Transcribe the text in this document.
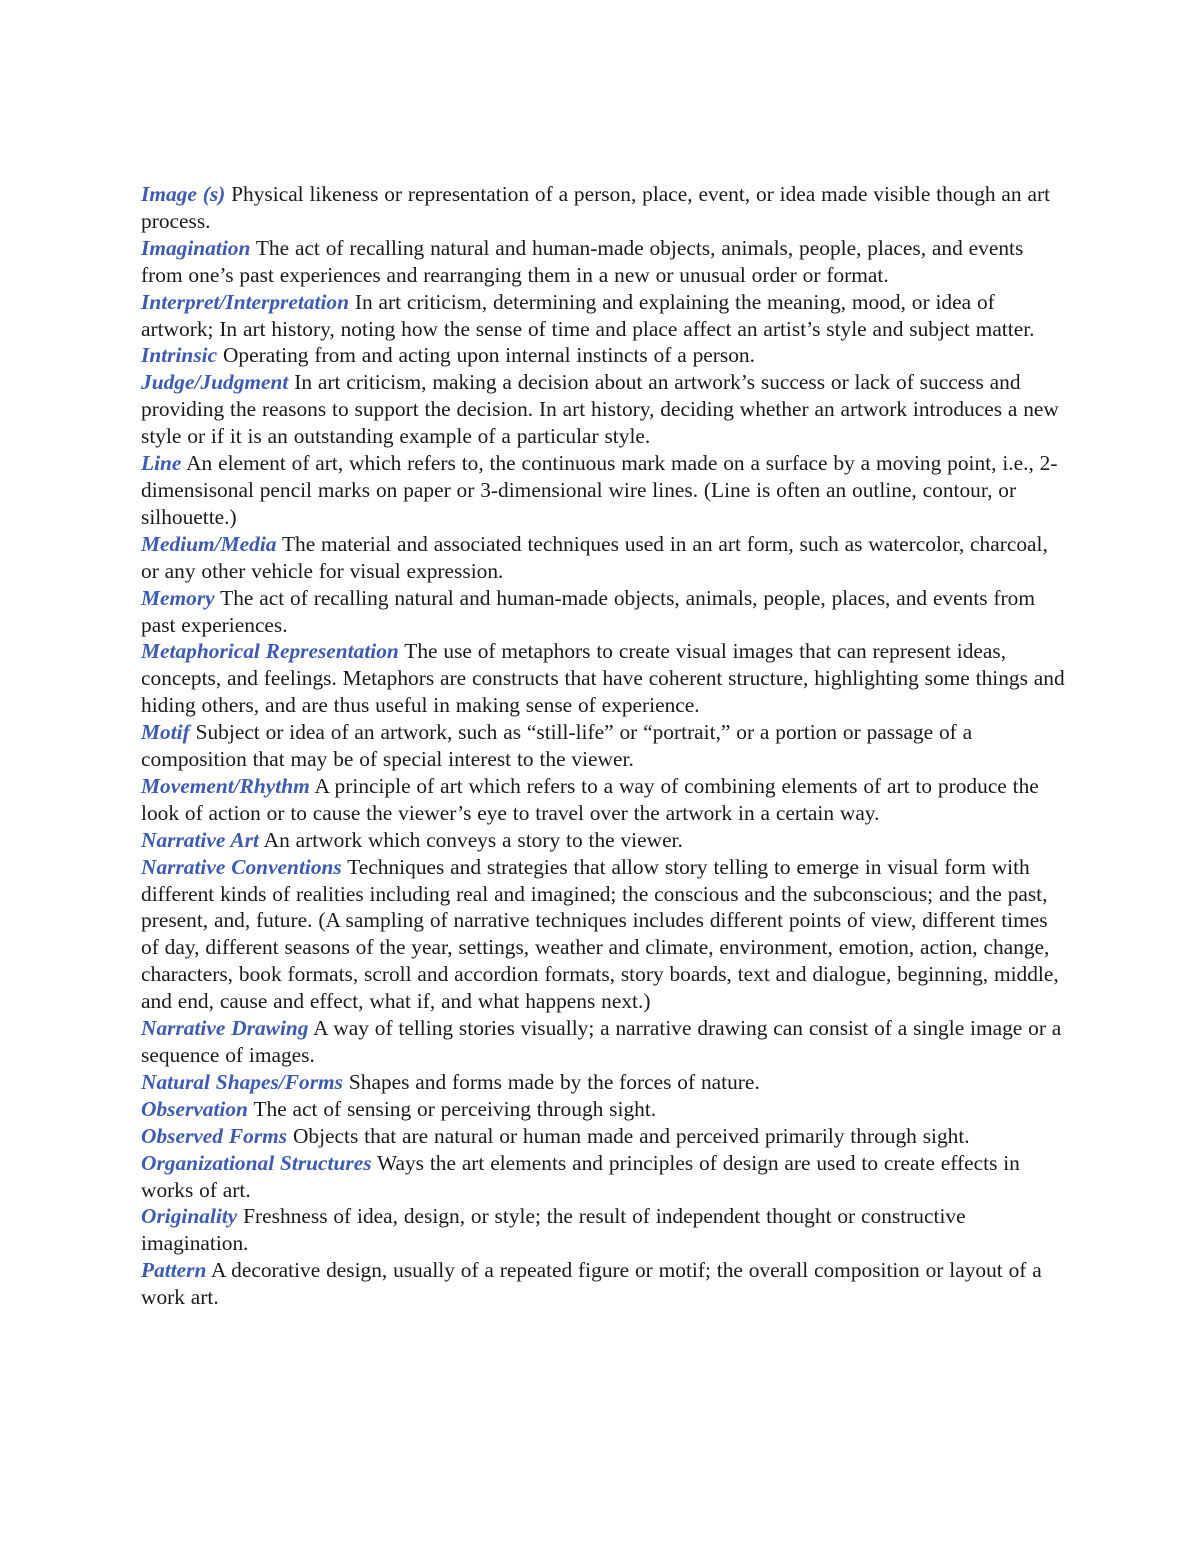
Image (s) Physical likeness or representation of a person, place, event, or idea made visible though an art process.

Imagination The act of recalling natural and human-made objects, animals, people, places, and events from one’s past experiences and rearranging them in a new or unusual order or format.

Interpret/Interpretation In art criticism, determining and explaining the meaning, mood, or idea of artwork; In art history, noting how the sense of time and place affect an artist’s style and subject matter.

Intrinsic Operating from and acting upon internal instincts of a person.

Judge/Judgment In art criticism, making a decision about an artwork’s success or lack of success and providing the reasons to support the decision. In art history, deciding whether an artwork introduces a new style or if it is an outstanding example of a particular style.

Line An element of art, which refers to, the continuous mark made on a surface by a moving point, i.e., 2-dimensisonal pencil marks on paper or 3-dimensional wire lines. (Line is often an outline, contour, or silhouette.)

Medium/Media The material and associated techniques used in an art form, such as watercolor, charcoal, or any other vehicle for visual expression.

Memory The act of recalling natural and human-made objects, animals, people, places, and events from past experiences.

Metaphorical Representation The use of metaphors to create visual images that can represent ideas, concepts, and feelings. Metaphors are constructs that have coherent structure, highlighting some things and hiding others, and are thus useful in making sense of experience.

Motif Subject or idea of an artwork, such as “still-life” or “portrait,” or a portion or passage of a composition that may be of special interest to the viewer.

Movement/Rhythm A principle of art which refers to a way of combining elements of art to produce the look of action or to cause the viewer’s eye to travel over the artwork in a certain way.

Narrative Art An artwork which conveys a story to the viewer.

Narrative Conventions Techniques and strategies that allow story telling to emerge in visual form with different kinds of realities including real and imagined; the conscious and the subconscious; and the past, present, and, future. (A sampling of narrative techniques includes different points of view, different times of day, different seasons of the year, settings, weather and climate, environment, emotion, action, change, characters, book formats, scroll and accordion formats, story boards, text and dialogue, beginning, middle, and end, cause and effect, what if, and what happens next.)

Narrative Drawing A way of telling stories visually; a narrative drawing can consist of a single image or a sequence of images.

Natural Shapes/Forms Shapes and forms made by the forces of nature.

Observation The act of sensing or perceiving through sight.

Observed Forms Objects that are natural or human made and perceived primarily through sight.

Organizational Structures Ways the art elements and principles of design are used to create effects in works of art.

Originality Freshness of idea, design, or style; the result of independent thought or constructive imagination.

Pattern A decorative design, usually of a repeated figure or motif; the overall composition or layout of a work art.
